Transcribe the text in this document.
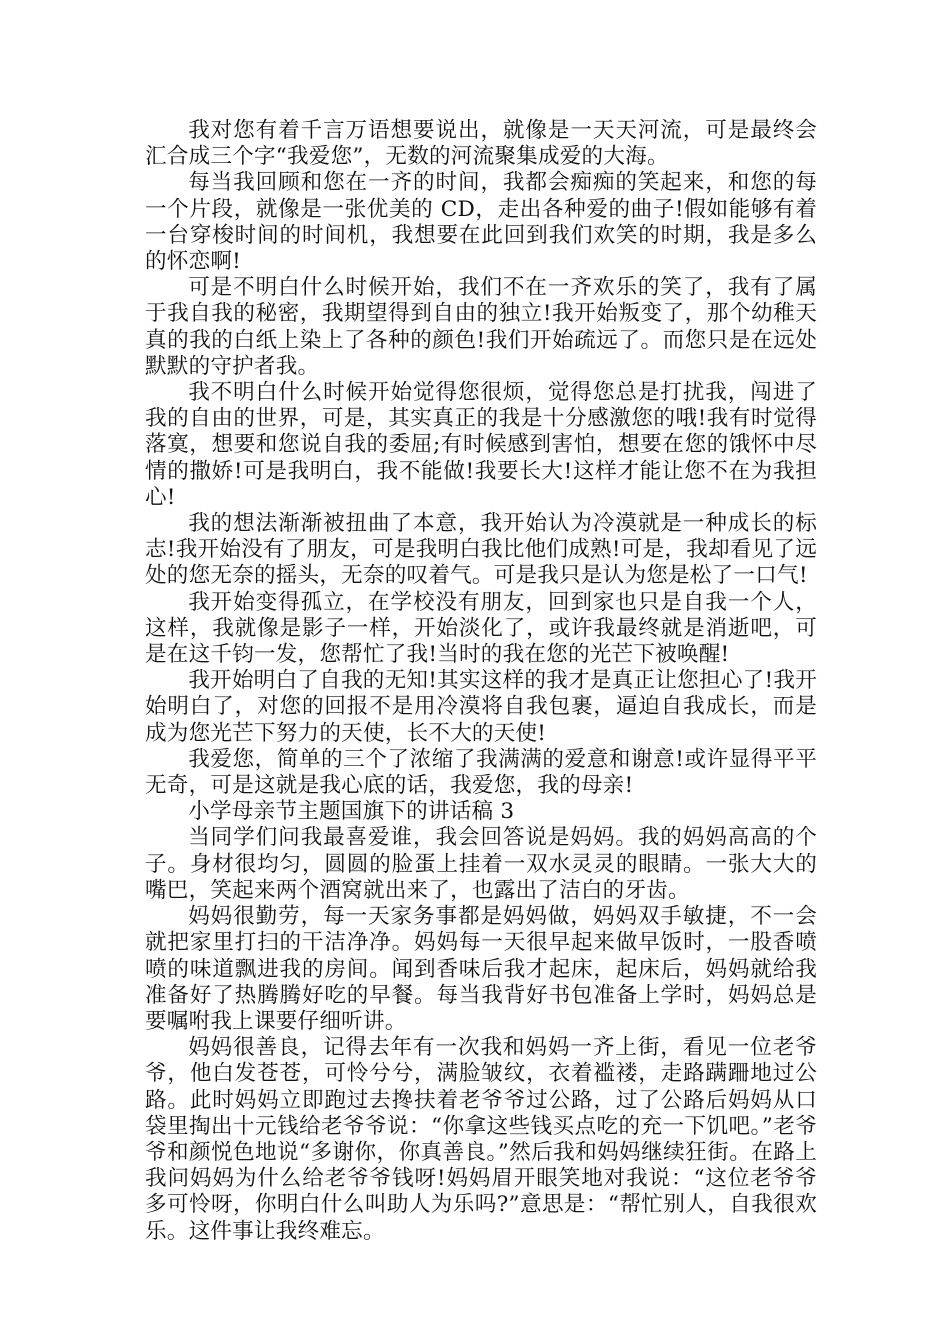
我对您有着千言万语想要说出，就像是一天天河流，可是最终会汇合成三个字“我爱您”，无数的河流聚集成爱的大海。

每当我回顾和您在一齐的时间，我都会痴痴的笑起来，和您的每一个片段，就像是一张优美的 CD，走出各种爱的曲子!假如能够有着一台穿梭时间的时间机，我想要在此回到我们欢笑的时期，我是多么的怀恋啊!

可是不明白什么时候开始，我们不在一齐欢乐的笑了，我有了属于我自我的秘密，我期望得到自由的独立!我开始叛变了，那个幼稚天真的我的白纸上染上了各种的颜色!我们开始疏远了。而您只是在远处默默的守护者我。

我不明白什么时候开始觉得您很烦，觉得您总是打扰我，闯进了我的自由的世界，可是，其实真正的我是十分感激您的哦!我有时觉得落寞，想要和您说自我的委屈;有时候感到害怕，想要在您的饿怀中尽情的撒娇!可是我明白，我不能做!我要长大!这样才能让您不在为我担心!

我的想法渐渐被扭曲了本意，我开始认为冷漠就是一种成长的标志!我开始没有了朋友，可是我明白我比他们成熟!可是，我却看见了远处的您无奈的摇头，无奈的叹着气。可是我只是认为您是松了一口气!

我开始变得孤立，在学校没有朋友，回到家也只是自我一个人，这样，我就像是影子一样，开始淡化了，或许我最终就是消逝吧，可是在这千钧一发，您帮忙了我!当时的我在您的光芒下被唤醒!

我开始明白了自我的无知!其实这样的我才是真正让您担心了!我开始明白了，对您的回报不是用冷漠将自我包裹，逼迫自我成长，而是成为您光芒下努力的天使，长不大的天使!

我爱您，简单的三个了浓缩了我满满的爱意和谢意!或许显得平平无奇，可是这就是我心底的话，我爱您，我的母亲!

小学母亲节主题国旗下的讲话稿 3

当同学们问我最喜爱谁，我会回答说是妈妈。我的妈妈高高的个子。身材很均匀，圆圆的脸蛋上挂着一双水灵灵的眼睛。一张大大的嘴巴，笑起来两个酒窝就出来了，也露出了洁白的牙齿。

妈妈很勤劳，每一天家务事都是妈妈做，妈妈双手敏捷，不一会就把家里打扫的干洁净净。妈妈每一天很早起来做早饭时，一股香喷喷的味道飘进我的房间。闻到香味后我才起床，起床后，妈妈就给我准备好了热腾腾好吃的早餐。每当我背好书包准备上学时，妈妈总是要嘱咐我上课要仔细听讲。

妈妈很善良，记得去年有一次我和妈妈一齐上街，看见一位老爷爷，他白发苍苍，可怜兮兮，满脸皱纹，衣着褴褛，走路蹒跚地过公路。此时妈妈立即跑过去搀扶着老爷爷过公路，过了公路后妈妈从口袋里掏出十元钱给老爷爷说：“你拿这些钱买点吃的充一下饥吧。”老爷爷和颜悦色地说“多谢你，你真善良。”然后我和妈妈继续狂街。在路上我问妈妈为什么给老爷爷钱呀!妈妈眉开眼笑地对我说：“这位老爷爷多可怜呀，你明白什么叫助人为乐吗?”意思是：“帮忙别人，自我很欢乐。这件事让我终难忘。
